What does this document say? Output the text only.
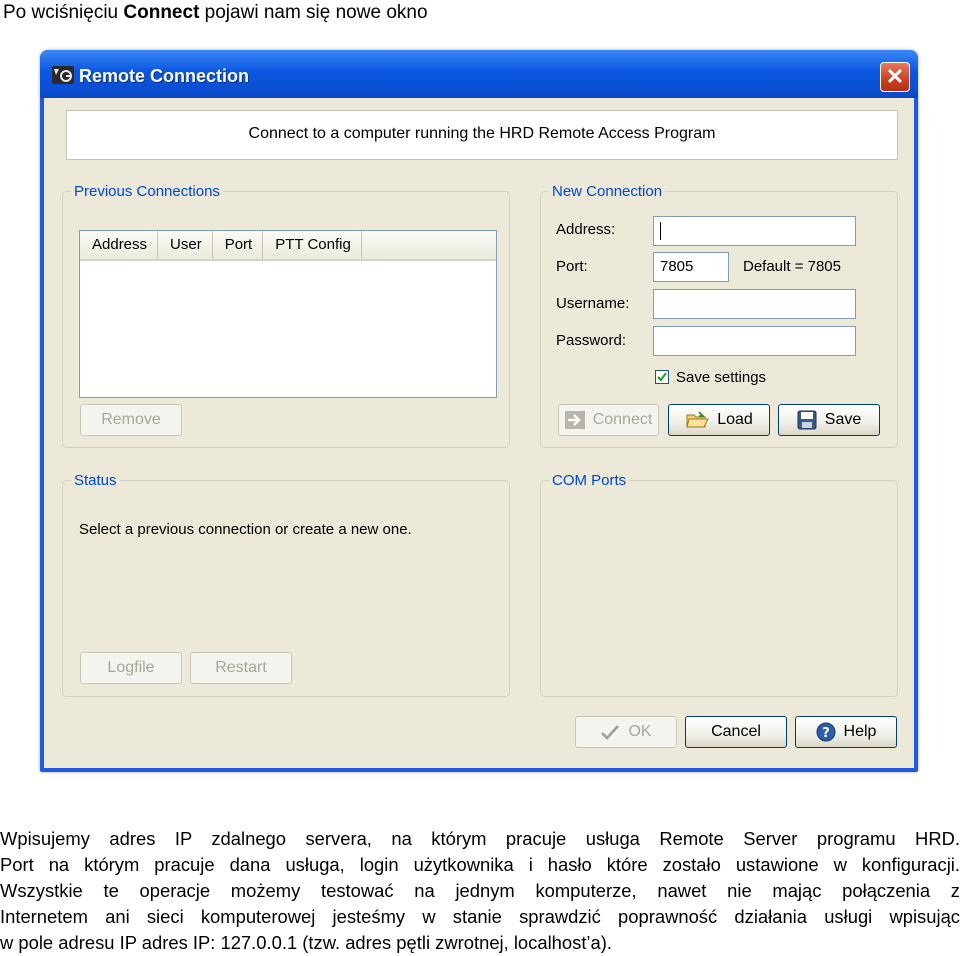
Po wciśnięciu Connect pojawi nam się nowe okno
Remote Connection	✕
Connect to a computer running the HRD Remote Access Program
Previous Connections
Address	User	Port	PTT Config
Remove
New Connection
Address:
Port:	7805	Default = 7805
Username:
Password:
Save settings
Connect	Load	Save
Status
Select a previous connection or create a new one.
Logfile	Restart
COM Ports
OK	Cancel	? Help
Wpisujemy adres IP zdalnego servera, na którym pracuje usługa Remote Server programu HRD.
Port na którym pracuje dana usługa, login użytkownika i hasło które zostało ustawione w konfiguracji.
Wszystkie te operacje możemy testować na jednym komputerze, nawet nie mając połączenia z
Internetem ani sieci komputerowej jesteśmy w stanie sprawdzić poprawność działania usługi wpisując
w pole adresu IP adres IP: 127.0.0.1 (tzw. adres pętli zwrotnej, localhost’a).
